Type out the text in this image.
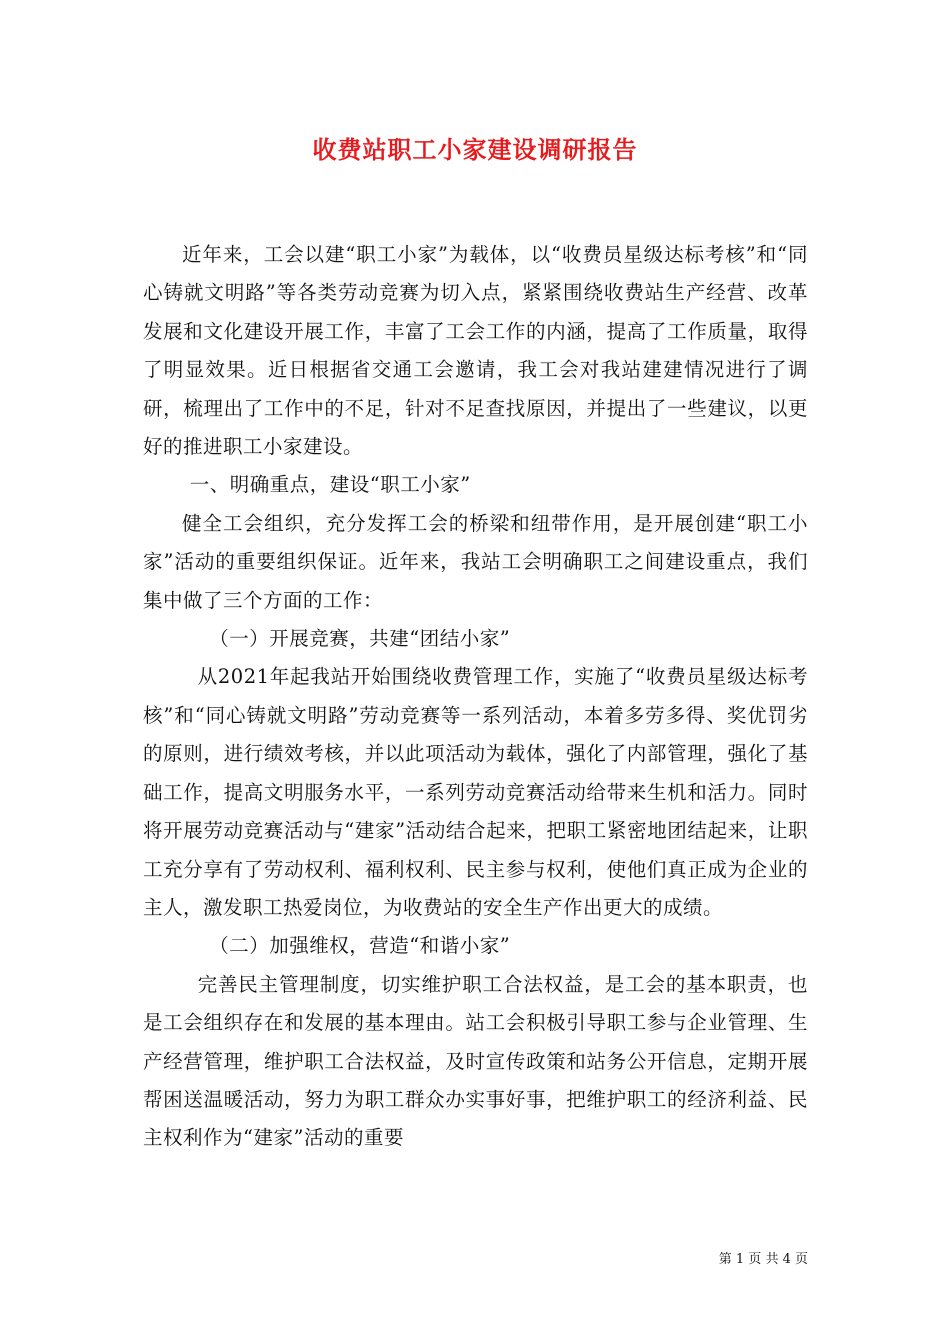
收费站职工小家建设调研报告

近年来，工会以建“职工小家”为载体，以“收费员星级达标考核”和“同心铸就文明路”等各类劳动竞赛为切入点，紧紧围绕收费站生产经营、改革发展和文化建设开展工作，丰富了工会工作的内涵，提高了工作质量，取得了明显效果。近日根据省交通工会邀请，我工会对我站建建情况进行了调研，梳理出了工作中的不足，针对不足查找原因，并提出了一些建议，以更好的推进职工小家建设。

一、明确重点，建设“职工小家”

健全工会组织，充分发挥工会的桥梁和纽带作用，是开展创建“职工小家”活动的重要组织保证。近年来，我站工会明确职工之间建设重点，我们集中做了三个方面的工作：

（一）开展竞赛，共建“团结小家”

从2021年起我站开始围绕收费管理工作，实施了“收费员星级达标考核”和“同心铸就文明路”劳动竞赛等一系列活动，本着多劳多得、奖优罚劣的原则，进行绩效考核，并以此项活动为载体，强化了内部管理，强化了基础工作，提高文明服务水平，一系列劳动竞赛活动给带来生机和活力。同时将开展劳动竞赛活动与“建家”活动结合起来，把职工紧密地团结起来，让职工充分享有了劳动权利、福利权利、民主参与权利，使他们真正成为企业的主人，激发职工热爱岗位，为收费站的安全生产作出更大的成绩。

（二）加强维权，营造“和谐小家”

完善民主管理制度，切实维护职工合法权益，是工会的基本职责，也是工会组织存在和发展的基本理由。站工会积极引导职工参与企业管理、生产经营管理，维护职工合法权益，及时宣传政策和站务公开信息，定期开展帮困送温暖活动，努力为职工群众办实事好事，把维护职工的经济利益、民主权利作为“建家”活动的重要

第 1 页 共 4 页
